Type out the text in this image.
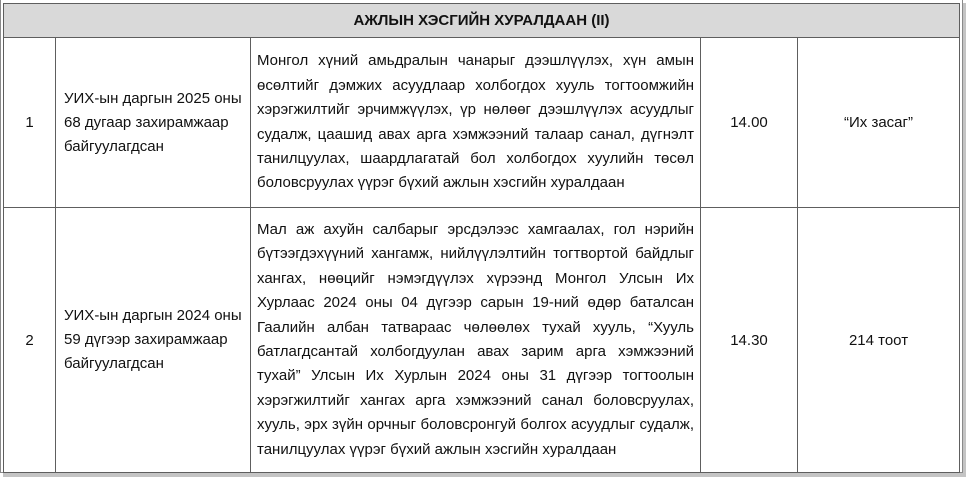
АЖЛЫН ХЭСГИЙН ХУРАЛДААН (II)				
1	УИХ-ын даргын 2025 оны 68 дугаар захирамжаар байгуулагдсан	Монгол хүний амьдралын чанарыг дээшлүүлэх, хүн амын өсөлтийг дэмжих асуудлаар холбогдох хууль тогтоомжийн хэрэгжилтийг эрчимжүүлэх, үр нөлөөг дээшлүүлэх асуудлыг судалж, цаашид авах арга хэмжээний талаар санал, дүгнэлт танилцуулах, шаардлагатай бол холбогдох хуулийн төсөл боловсруулах үүрэг бүхий ажлын хэсгийн хуралдаан	14.00	“Их засаг”
2	УИХ-ын даргын 2024 оны 59 дүгээр захирамжаар байгуулагдсан	Мал аж ахуйн салбарыг эрсдэлээс хамгаалах, гол нэрийн бүтээгдэхүүний хангамж, нийлүүлэлтийн тогтвортой байдлыг хангах, нөөцийг нэмэгдүүлэх хүрээнд Монгол Улсын Их Хурлаас 2024 оны 04 дүгээр сарын 19-ний өдөр баталсан Гаалийн албан татвараас чөлөөлөх тухай хууль, “Хууль батлагдсантай холбогдуулан авах зарим арга хэмжээний тухай” Улсын Их Хурлын 2024 оны 31 дүгээр тогтоолын хэрэгжилтийг хангах арга хэмжээний санал боловсруулах, хууль, эрх зүйн орчныг боловсронгуй болгох асуудлыг судалж, танилцуулах үүрэг бүхий ажлын хэсгийн хуралдаан	14.30	214 тоот
